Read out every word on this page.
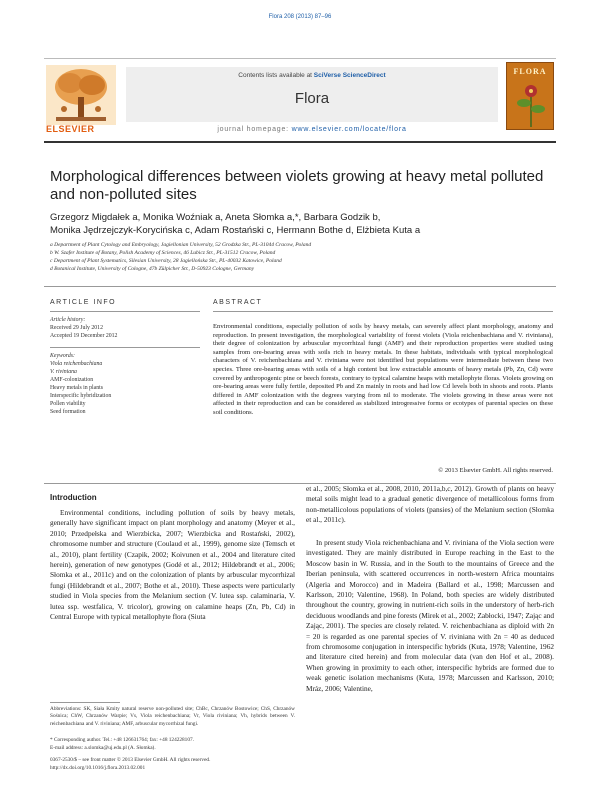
Flora 208 (2013) 87–96
ELSEVIER
Contents lists available at SciVerse ScienceDirect
Flora
journal homepage: www.elsevier.com/locate/flora
FLORA
Morphological differences between violets growing at heavy metal polluted and non-polluted sites
Grzegorz Migdałek a, Monika Woźniak a, Aneta Słomka a,*, Barbara Godzik b,
Monika Jędrzejczyk-Korycińska c, Adam Rostański c, Hermann Bothe d, Elżbieta Kuta a
a Department of Plant Cytology and Embryology, Jagiellonian University, 52 Grodzka Str., PL-31044 Cracow, Poland
b W. Szafer Institute of Botany, Polish Academy of Sciences, 46 Lubicz Str., PL-31512 Cracow, Poland
c Department of Plant Systematics, Silesian University, 28 Jagiellońska Str., PL-40032 Katowice, Poland
d Botanical Institute, University of Cologne, 47b Zülpicher Str., D-50923 Cologne, Germany
ARTICLE INFO
Article history:
Received 29 July 2012
Accepted 19 December 2012
Keywords:
Viola reichenbachiana
V. riviniana
AMF-colonization
Heavy metals in plants
Interspecific hybridization
Pollen viability
Seed formation
ABSTRACT
Environmental conditions, especially pollution of soils by heavy metals, can severely affect plant morphology, anatomy and reproduction. In present investigation, the morphological variability of forest violets (Viola reichenbachiana and V. riviniana), their degree of colonization by arbuscular mycorrhizal fungi (AMF) and their reproduction properties were studied using samples from ore-bearing areas with soils rich in heavy metals. In these habitats, individuals with typical morphological characters of V. reichenbachiana and V. riviniana were not identified but populations were intermediate between these two species. Three ore-bearing areas with soils of a high content but low extractable amounts of heavy metals (Pb, Zn, Cd) were covered by anthropogenic pine or beech forests, contrary to typical calamine heaps with metallophyte floras. Violets growing on ore-bearing areas were fully fertile, deposited Pb and Zn mainly in roots and had low Cd levels both in shoots and roots. Plants differed in AMF colonization with the degrees varying from nil to moderate. The violets growing in these areas were not affected in their reproduction and can be considered as stabilized introgressive forms or ecotypes of parental species on these soil conditions.
© 2013 Elsevier GmbH. All rights reserved.
Introduction
Environmental conditions, including pollution of soils by heavy metals, generally have significant impact on plant morphology and anatomy (Meyer et al., 2010; Przedpełska and Wierzbicka, 2007; Wierzbicka and Rostański, 2002), chromosome number and structure (Coulaud et al., 1999), genome size (Temsch et al., 2010), plant fertility (Czapik, 2002; Koivunen et al., 2004 and literature cited herein), generation of new genotypes (Godé et al., 2012; Hildebrandt et al., 2006; Słomka et al., 2011c) and on the colonization of plants by arbuscular mycorrhizal fungi (Hildebrandt et al., 2007; Bothe et al., 2010). These aspects were particularly studied in Viola species from the Melanium section (V. lutea ssp. calaminaria, V. lutea ssp. westfalica, V. tricolor), growing on calamine heaps (Zn, Pb, Cd) in Central Europe with typical metallophyte flora (Siuta
et al., 2005; Słomka et al., 2008, 2010, 2011a,b,c, 2012). Growth of plants on heavy metal soils might lead to a gradual genetic divergence of metallicolous forms from non-metallicolous populations of violets (pansies) of the Melanium section (Słomka et al., 2011c).
In present study Viola reichenbachiana and V. riviniana of the Viola section were investigated. They are mainly distributed in Europe reaching in the East to the Moscow basin in W. Russia, and in the South to the mountains of Greece and the Iberian peninsula, with scattered occurrences in north-western Africa mountains (Algeria and Morocco) and in Madeira (Ballard et al., 1998; Marcussen and Karlsson, 2010; Valentine, 1968). In Poland, both species are widely distributed throughout the country, growing in nutrient-rich soils in the understory of herb-rich deciduous woodlands and pine forests (Mirek et al., 2002; Zabłocki, 1947; Zając and Zając, 2001). The species are closely related. V. reichenbachiana as diploid with 2n = 20 is regarded as one parental species of V. riviniana with 2n = 40 as deduced from chromosome conjugation in interspecific hybrids (Kuta, 1978; Valentine, 1962 and literature cited herein) and from molecular data (van den Hof et al., 2008). When growing in proximity to each other, interspecific hybrids are formed due to weak genetic isolation mechanisms (Kuta, 1978; Marcussen and Karlsson, 2010; Mráz, 2006; Valentine,
Abbreviations: SK, Siała Kmity natural reserve non-polluted site; ChBc, Chrzanów Bostowice; ChS, Chrzanów Sośnica; ChW, Chrzanów Warpie; Vs, Viola reichenbachiana; Vr, Viola riviniana; Vh, hybrids between V. reichenbachiana and V. riviniana; AMF, arbuscular mycorrhizal fungi.
* Corresponding author. Tel.: +48 126631764; fax: +48 124228107.
E-mail address: a.slomka@uj.edu.pl (A. Słomka).
0367-2530/$ – see front matter © 2013 Elsevier GmbH. All rights reserved.
http://dx.doi.org/10.1016/j.flora.2013.02.001
